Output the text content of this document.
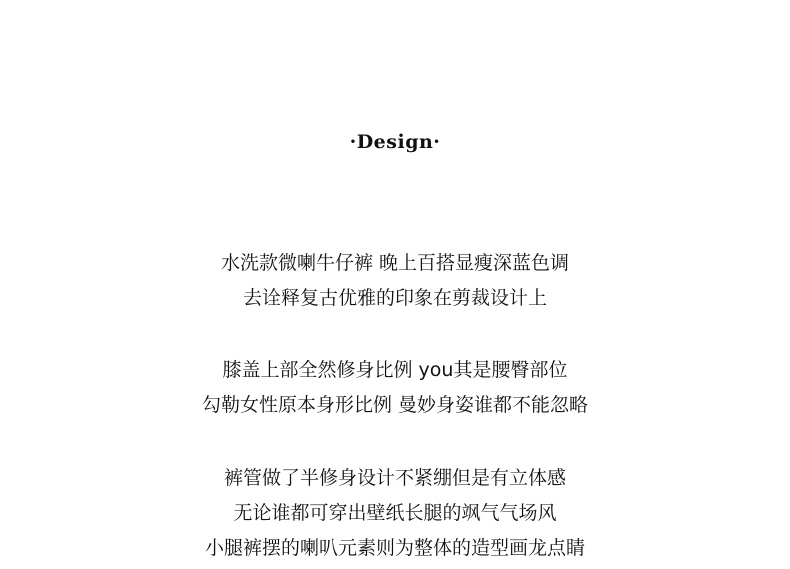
·Design·
水洗款微喇牛仔裤 晚上百搭显瘦深蓝色调
去诠释复古优雅的印象在剪裁设计上
膝盖上部全然修身比例 you其是腰臀部位
勾勒女性原本身形比例 曼妙身姿谁都不能忽略
裤管做了半修身设计不紧绷但是有立体感
无论谁都可穿出壁纸长腿的飒气气场风
小腿裤摆的喇叭元素则为整体的造型画龙点睛
